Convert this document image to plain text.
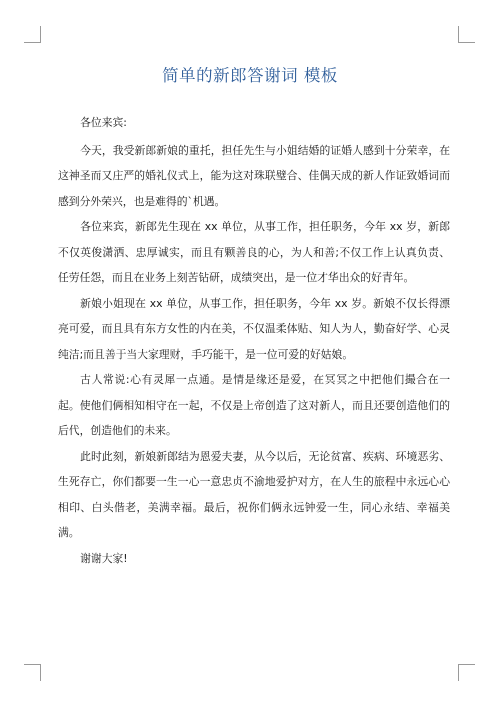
简单的新郎答谢词 模板

各位来宾:

今天，我受新郎新娘的重托，担任先生与小姐结婚的证婚人感到十分荣幸，在这神圣而又庄严的婚礼仪式上，能为这对珠联璧合、佳偶天成的新人作证致婚词而感到分外荣兴，也是难得的`机遇。

各位来宾，新郎先生现在 xx 单位，从事工作，担任职务，今年 xx 岁，新郎不仅英俊潇洒、忠厚诚实，而且有颗善良的心，为人和善;不仅工作上认真负责、任劳任怨，而且在业务上刻苦钻研，成绩突出，是一位才华出众的好青年。

新娘小姐现在 xx 单位，从事工作，担任职务，今年 xx 岁。新娘不仅长得漂亮可爱，而且具有东方女性的内在美，不仅温柔体贴、知人为人，勤奋好学、心灵纯洁;而且善于当大家理财，手巧能干，是一位可爱的好姑娘。

古人常说:心有灵犀一点通。是情是缘还是爱，在冥冥之中把他们撮合在一起。使他们俩相知相守在一起，不仅是上帝创造了这对新人，而且还要创造他们的后代，创造他们的未来。

此时此刻，新娘新郎结为恩爱夫妻，从今以后，无论贫富、疾病、环境恶劣、生死存亡，你们都要一生一心一意忠贞不渝地爱护对方，在人生的旅程中永远心心相印、白头偕老，美满幸福。最后，祝你们俩永远钟爱一生，同心永结、幸福美满。

谢谢大家!
